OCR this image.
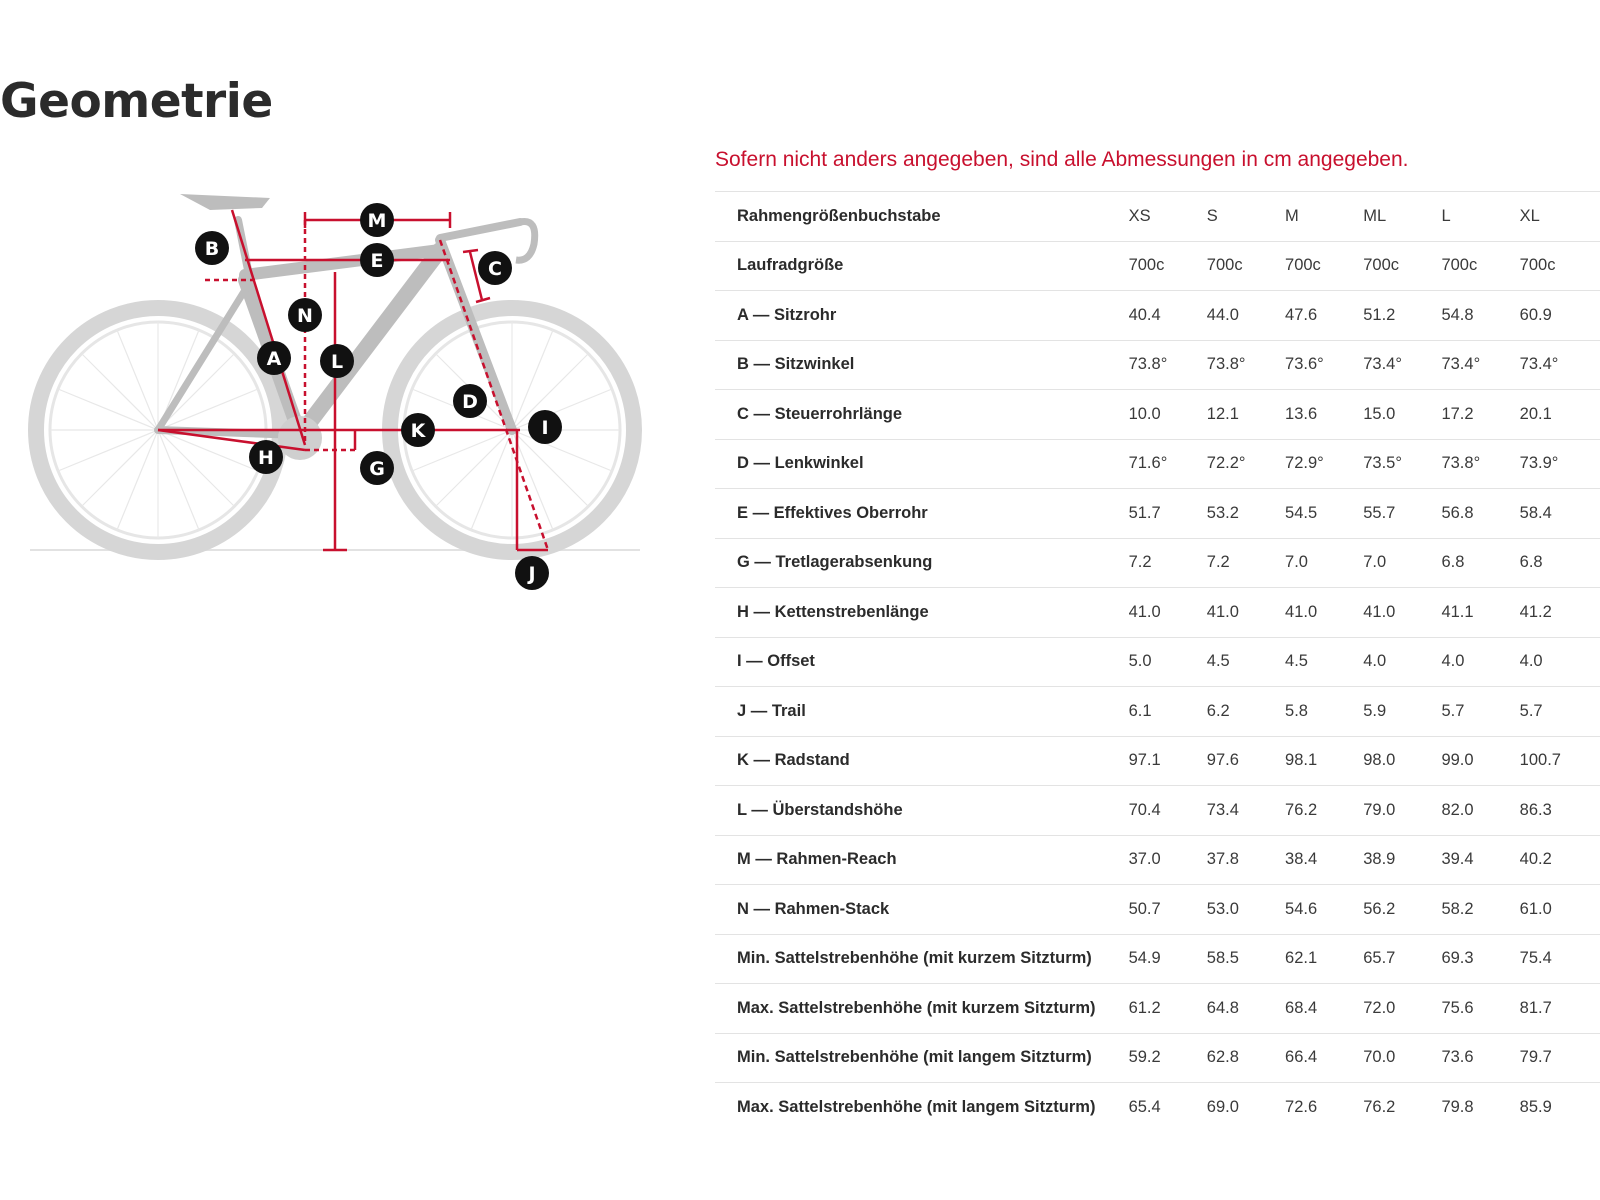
Geometrie
M
B
E	C
N
A	L
D
K	I
H	G
J
Sofern nicht anders angegeben, sind alle Abmessungen in cm angegeben.
Rahmengrößenbuchstabe	XS	S	M	ML	L	XL
Laufradgröße	700c	700c	700c	700c	700c	700c
A — Sitzrohr	40.4	44.0	47.6	51.2	54.8	60.9
B — Sitzwinkel	73.8°	73.8°	73.6°	73.4°	73.4°	73.4°
C — Steuerrohrlänge	10.0	12.1	13.6	15.0	17.2	20.1
D — Lenkwinkel	71.6°	72.2°	72.9°	73.5°	73.8°	73.9°
E — Effektives Oberrohr	51.7	53.2	54.5	55.7	56.8	58.4
G — Tretlagerabsenkung	7.2	7.2	7.0	7.0	6.8	6.8
H — Kettenstrebenlänge	41.0	41.0	41.0	41.0	41.1	41.2
I — Offset	5.0	4.5	4.5	4.0	4.0	4.0
J — Trail	6.1	6.2	5.8	5.9	5.7	5.7
K — Radstand	97.1	97.6	98.1	98.0	99.0	100.7
L — Überstandshöhe	70.4	73.4	76.2	79.0	82.0	86.3
M — Rahmen-Reach	37.0	37.8	38.4	38.9	39.4	40.2
N — Rahmen-Stack	50.7	53.0	54.6	56.2	58.2	61.0
Min. Sattelstrebenhöhe (mit kurzem Sitzturm)	54.9	58.5	62.1	65.7	69.3	75.4
Max. Sattelstrebenhöhe (mit kurzem Sitzturm)	61.2	64.8	68.4	72.0	75.6	81.7
Min. Sattelstrebenhöhe (mit langem Sitzturm)	59.2	62.8	66.4	70.0	73.6	79.7
Max. Sattelstrebenhöhe (mit langem Sitzturm)	65.4	69.0	72.6	76.2	79.8	85.9
